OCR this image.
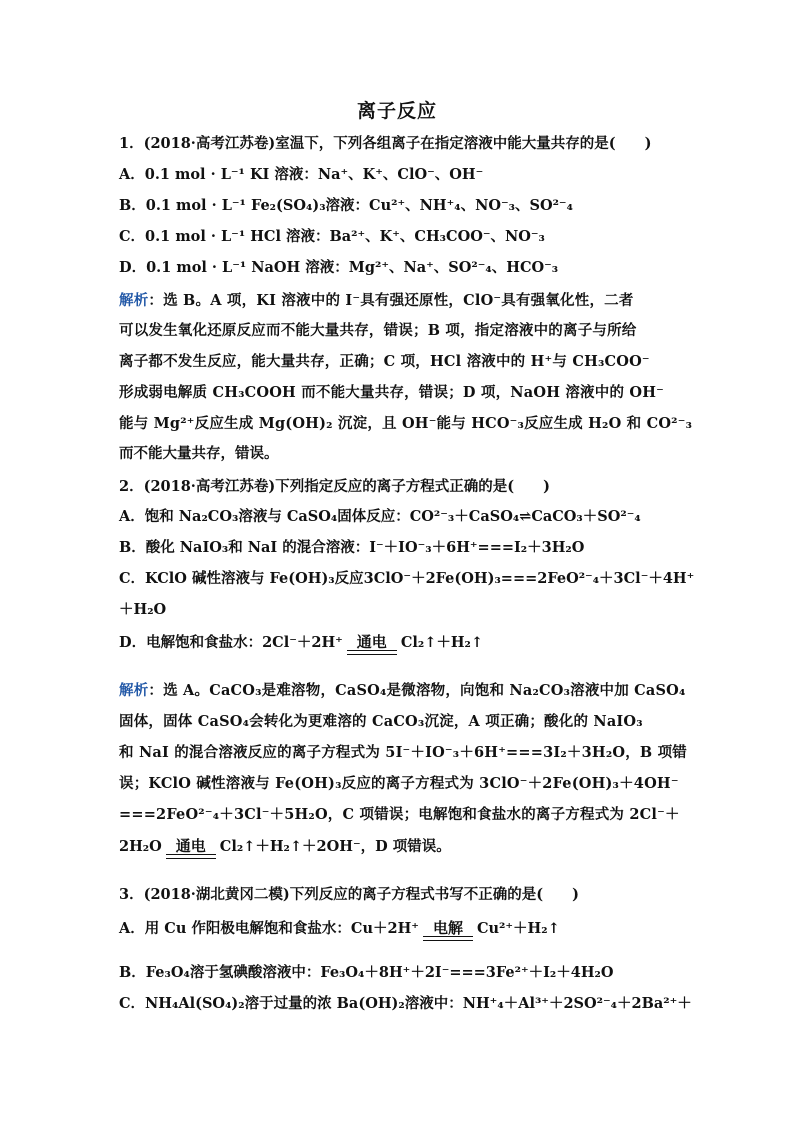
离子反应
1．(2018·高考江苏卷)室温下，下列各组离子在指定溶液中能大量共存的是(　　)
A．0.1 mol · L⁻¹ KI 溶液：Na⁺、K⁺、ClO⁻、OH⁻
B．0.1 mol · L⁻¹ Fe₂(SO₄)₃溶液：Cu²⁺、NH⁺₄、NO⁻₃、SO²⁻₄
C．0.1 mol · L⁻¹ HCl 溶液：Ba²⁺、K⁺、CH₃COO⁻、NO⁻₃
D．0.1 mol · L⁻¹ NaOH 溶液：Mg²⁺、Na⁺、SO²⁻₄、HCO⁻₃
解析：选 B。A 项，KI 溶液中的 I⁻具有强还原性，ClO⁻具有强氧化性，二者
可以发生氧化还原反应而不能大量共存，错误；B 项，指定溶液中的离子与所给
离子都不发生反应，能大量共存，正确；C 项，HCl 溶液中的 H⁺与 CH₃COO⁻
形成弱电解质 CH₃COOH 而不能大量共存，错误；D 项，NaOH 溶液中的 OH⁻
能与 Mg²⁺反应生成 Mg(OH)₂ 沉淀，且 OH⁻能与 HCO⁻₃反应生成 H₂O 和 CO²⁻₃
而不能大量共存，错误。
2．(2018·高考江苏卷)下列指定反应的离子方程式正确的是(　　)
A．饱和 Na₂CO₃溶液与 CaSO₄固体反应：CO²⁻₃＋CaSO₄⇌CaCO₃＋SO²⁻₄
B．酸化 NaIO₃和 NaI 的混合溶液：I⁻＋IO⁻₃＋6H⁺===I₂＋3H₂O
C．KClO 碱性溶液与 Fe(OH)₃反应3ClO⁻＋2Fe(OH)₃===2FeO²⁻₄＋3Cl⁻＋4H⁺
＋H₂O
D．电解饱和食盐水：2Cl⁻＋2H⁺ 通电 Cl₂↑＋H₂↑
解析：选 A。CaCO₃是难溶物，CaSO₄是微溶物，向饱和 Na₂CO₃溶液中加 CaSO₄
固体，固体 CaSO₄会转化为更难溶的 CaCO₃沉淀，A 项正确；酸化的 NaIO₃
和 NaI 的混合溶液反应的离子方程式为 5I⁻＋IO⁻₃＋6H⁺===3I₂＋3H₂O，B 项错
误；KClO 碱性溶液与 Fe(OH)₃反应的离子方程式为 3ClO⁻＋2Fe(OH)₃＋4OH⁻
===2FeO²⁻₄＋3Cl⁻＋5H₂O，C 项错误；电解饱和食盐水的离子方程式为 2Cl⁻＋
2H₂O 通电 Cl₂↑＋H₂↑＋2OH⁻，D 项错误。
3．(2018·湖北黄冈二模)下列反应的离子方程式书写不正确的是(　　)
A．用 Cu 作阳极电解饱和食盐水：Cu＋2H⁺ 电解 Cu²⁺＋H₂↑
B．Fe₃O₄溶于氢碘酸溶液中：Fe₃O₄＋8H⁺＋2I⁻===3Fe²⁺＋I₂＋4H₂O
C．NH₄Al(SO₄)₂溶于过量的浓 Ba(OH)₂溶液中：NH⁺₄＋Al³⁺＋2SO²⁻₄＋2Ba²⁺＋
